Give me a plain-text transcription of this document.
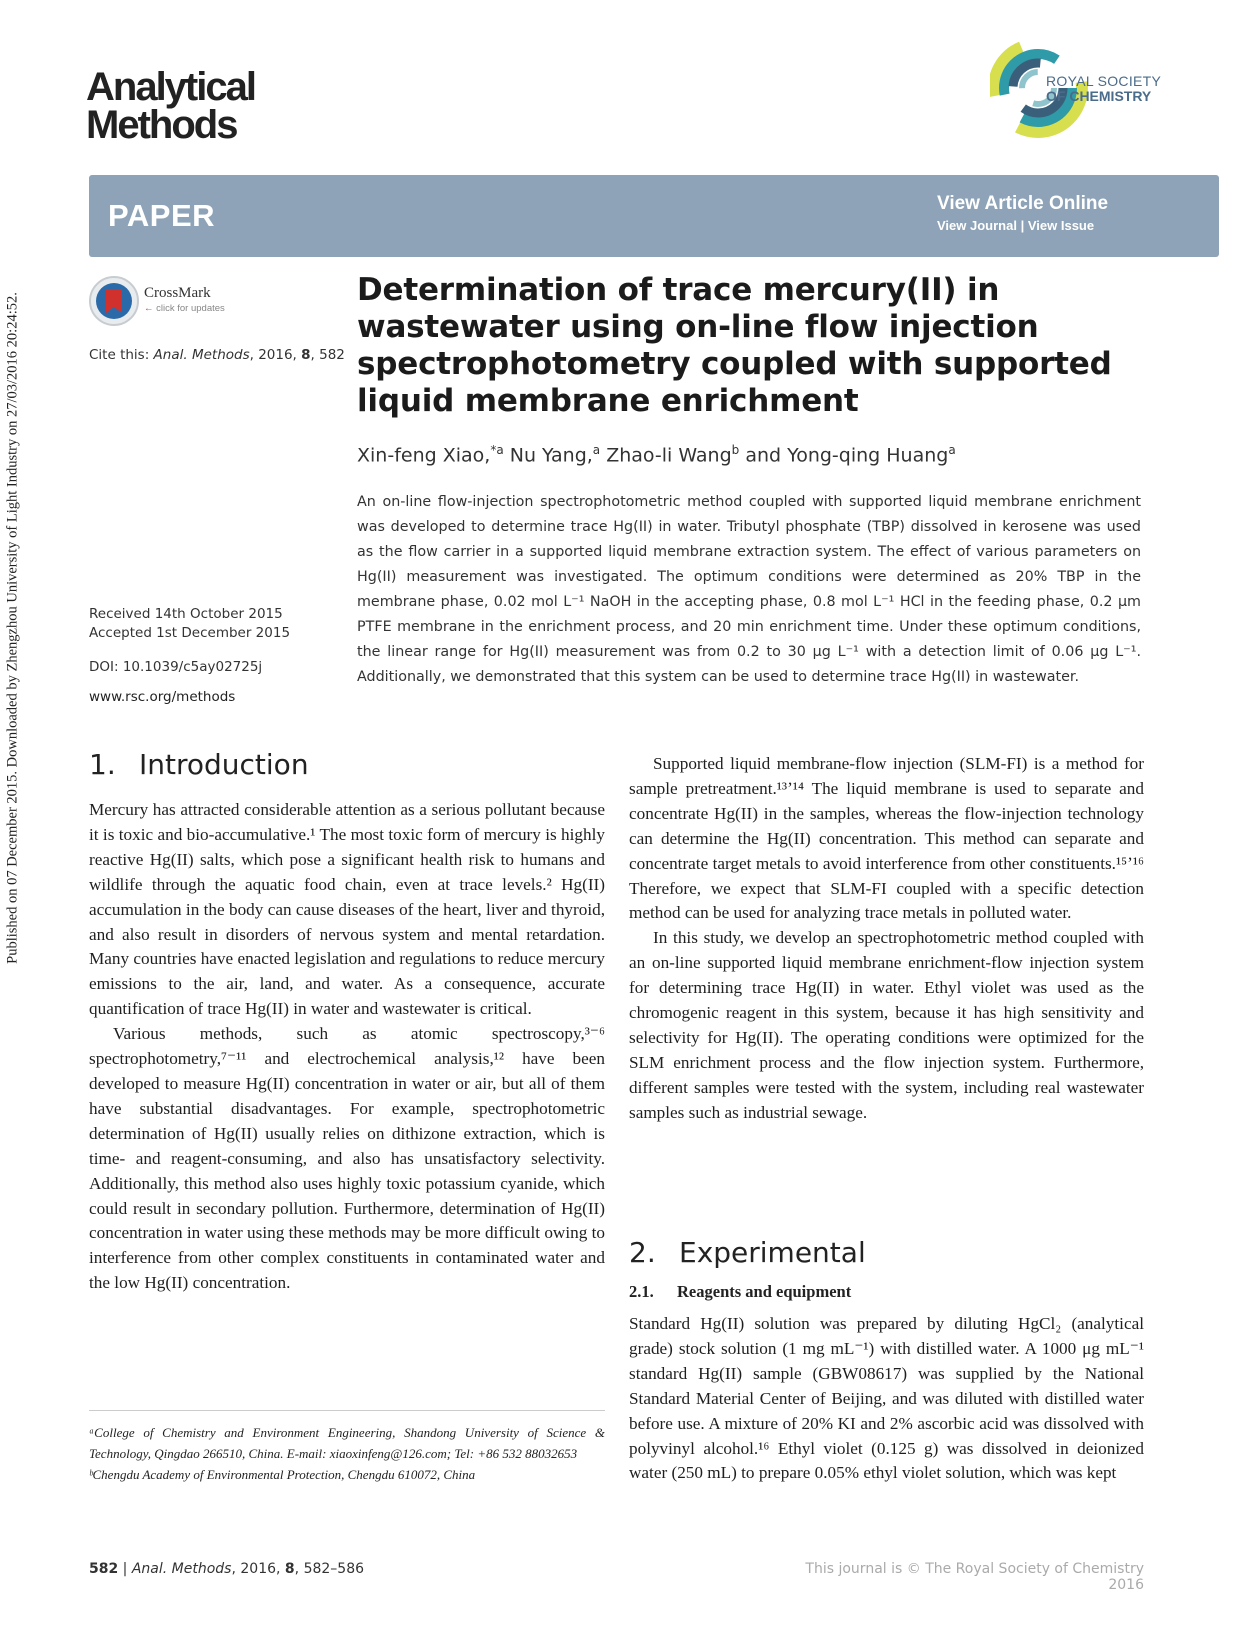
Published on 07 December 2015. Downloaded by Zhengzhou University of Light Industry on 27/03/2016 20:24:52.
Analytical
Methods
ROYAL SOCIETY
OF CHEMISTRY
PAPER	View Article Online
View Journal | View Issue
CrossMark
← click for updates
Cite this: Anal. Methods, 2016, 8, 582
Received 14th October 2015
Accepted 1st December 2015
DOI: 10.1039/c5ay02725j
www.rsc.org/methods
Determination of trace mercury(II) in wastewater using on-line flow injection spectrophotometry coupled with supported liquid membrane enrichment
Xin-feng Xiao,$^{*a}$ Nu Yang,$^a$ Zhao-li Wang$^b$ and Yong-qing Huang$^a$
An on-line flow-injection spectrophotometric method coupled with supported liquid membrane enrichment was developed to determine trace Hg(II) in water. Tributyl phosphate (TBP) dissolved in kerosene was used as the flow carrier in a supported liquid membrane extraction system. The effect of various parameters on Hg(II) measurement was investigated. The optimum conditions were determined as 20% TBP in the membrane phase, 0.02 mol L⁻¹ NaOH in the accepting phase, 0.8 mol L⁻¹ HCl in the feeding phase, 0.2 μm PTFE membrane in the enrichment process, and 20 min enrichment time. Under these optimum conditions, the linear range for Hg(II) measurement was from 0.2 to 30 μg L⁻¹ with a detection limit of 0.06 μg L⁻¹. Additionally, we demonstrated that this system can be used to determine trace Hg(II) in wastewater.
1. Introduction

Mercury has attracted considerable attention as a serious pollutant because it is toxic and bio-accumulative.¹ The most toxic form of mercury is highly reactive Hg(II) salts, which pose a significant health risk to humans and wildlife through the aquatic food chain, even at trace levels.² Hg(II) accumulation in the body can cause diseases of the heart, liver and thyroid, and also result in disorders of nervous system and mental retardation. Many countries have enacted legislation and regulations to reduce mercury emissions to the air, land, and water. As a consequence, accurate quantification of trace Hg(II) in water and wastewater is critical.

Various methods, such as atomic spectroscopy,³⁻⁶ spectrophotometry,⁷⁻¹¹ and electrochemical analysis,¹² have been developed to measure Hg(II) concentration in water or air, but all of them have substantial disadvantages. For example, spectrophotometric determination of Hg(II) usually relies on dithizone extraction, which is time- and reagent-consuming, and also has unsatisfactory selectivity. Additionally, this method also uses highly toxic potassium cyanide, which could result in secondary pollution. Furthermore, determination of Hg(II) concentration in water using these methods may be more difficult owing to interference from other complex constituents in contaminated water and the low Hg(II) concentration.

Supported liquid membrane-flow injection (SLM-FI) is a method for sample pretreatment.¹³ʼ¹⁴ The liquid membrane is used to separate and concentrate Hg(II) in the samples, whereas the flow-injection technology can determine the Hg(II) concentration. This method can separate and concentrate target metals to avoid interference from other constituents.¹⁵ʼ¹⁶ Therefore, we expect that SLM-FI coupled with a specific detection method can be used for analyzing trace metals in polluted water.

In this study, we develop an spectrophotometric method coupled with an on-line supported liquid membrane enrichment-flow injection system for determining trace Hg(II) in water. Ethyl violet was used as the chromogenic reagent in this system, because it has high sensitivity and selectivity for Hg(II). The operating conditions were optimized for the SLM enrichment process and the flow injection system. Furthermore, different samples were tested with the system, including real wastewater samples such as industrial sewage.

2. Experimental
2.1. Reagents and equipment

Standard Hg(II) solution was prepared by diluting HgCl₂ (analytical grade) stock solution (1 mg mL⁻¹) with distilled water. A 1000 μg mL⁻¹ standard Hg(II) sample (GBW08617) was supplied by the National Standard Material Center of Beijing, and was diluted with distilled water before use. A mixture of 20% KI and 2% ascorbic acid was dissolved with polyvinyl alcohol.¹⁶ Ethyl violet (0.125 g) was dissolved in deionized water (250 mL) to prepare 0.05% ethyl violet solution, which was kept

ᵃCollege of Chemistry and Environment Engineering, Shandong University of Science & Technology, Qingdao 266510, China. E-mail: xiaoxinfeng@126.com; Tel: +86 532 88032653

ᵇChengdu Academy of Environmental Protection, Chengdu 610072, China

582 | Anal. Methods, 2016, 8, 582–586	This journal is © The Royal Society of Chemistry 2016
